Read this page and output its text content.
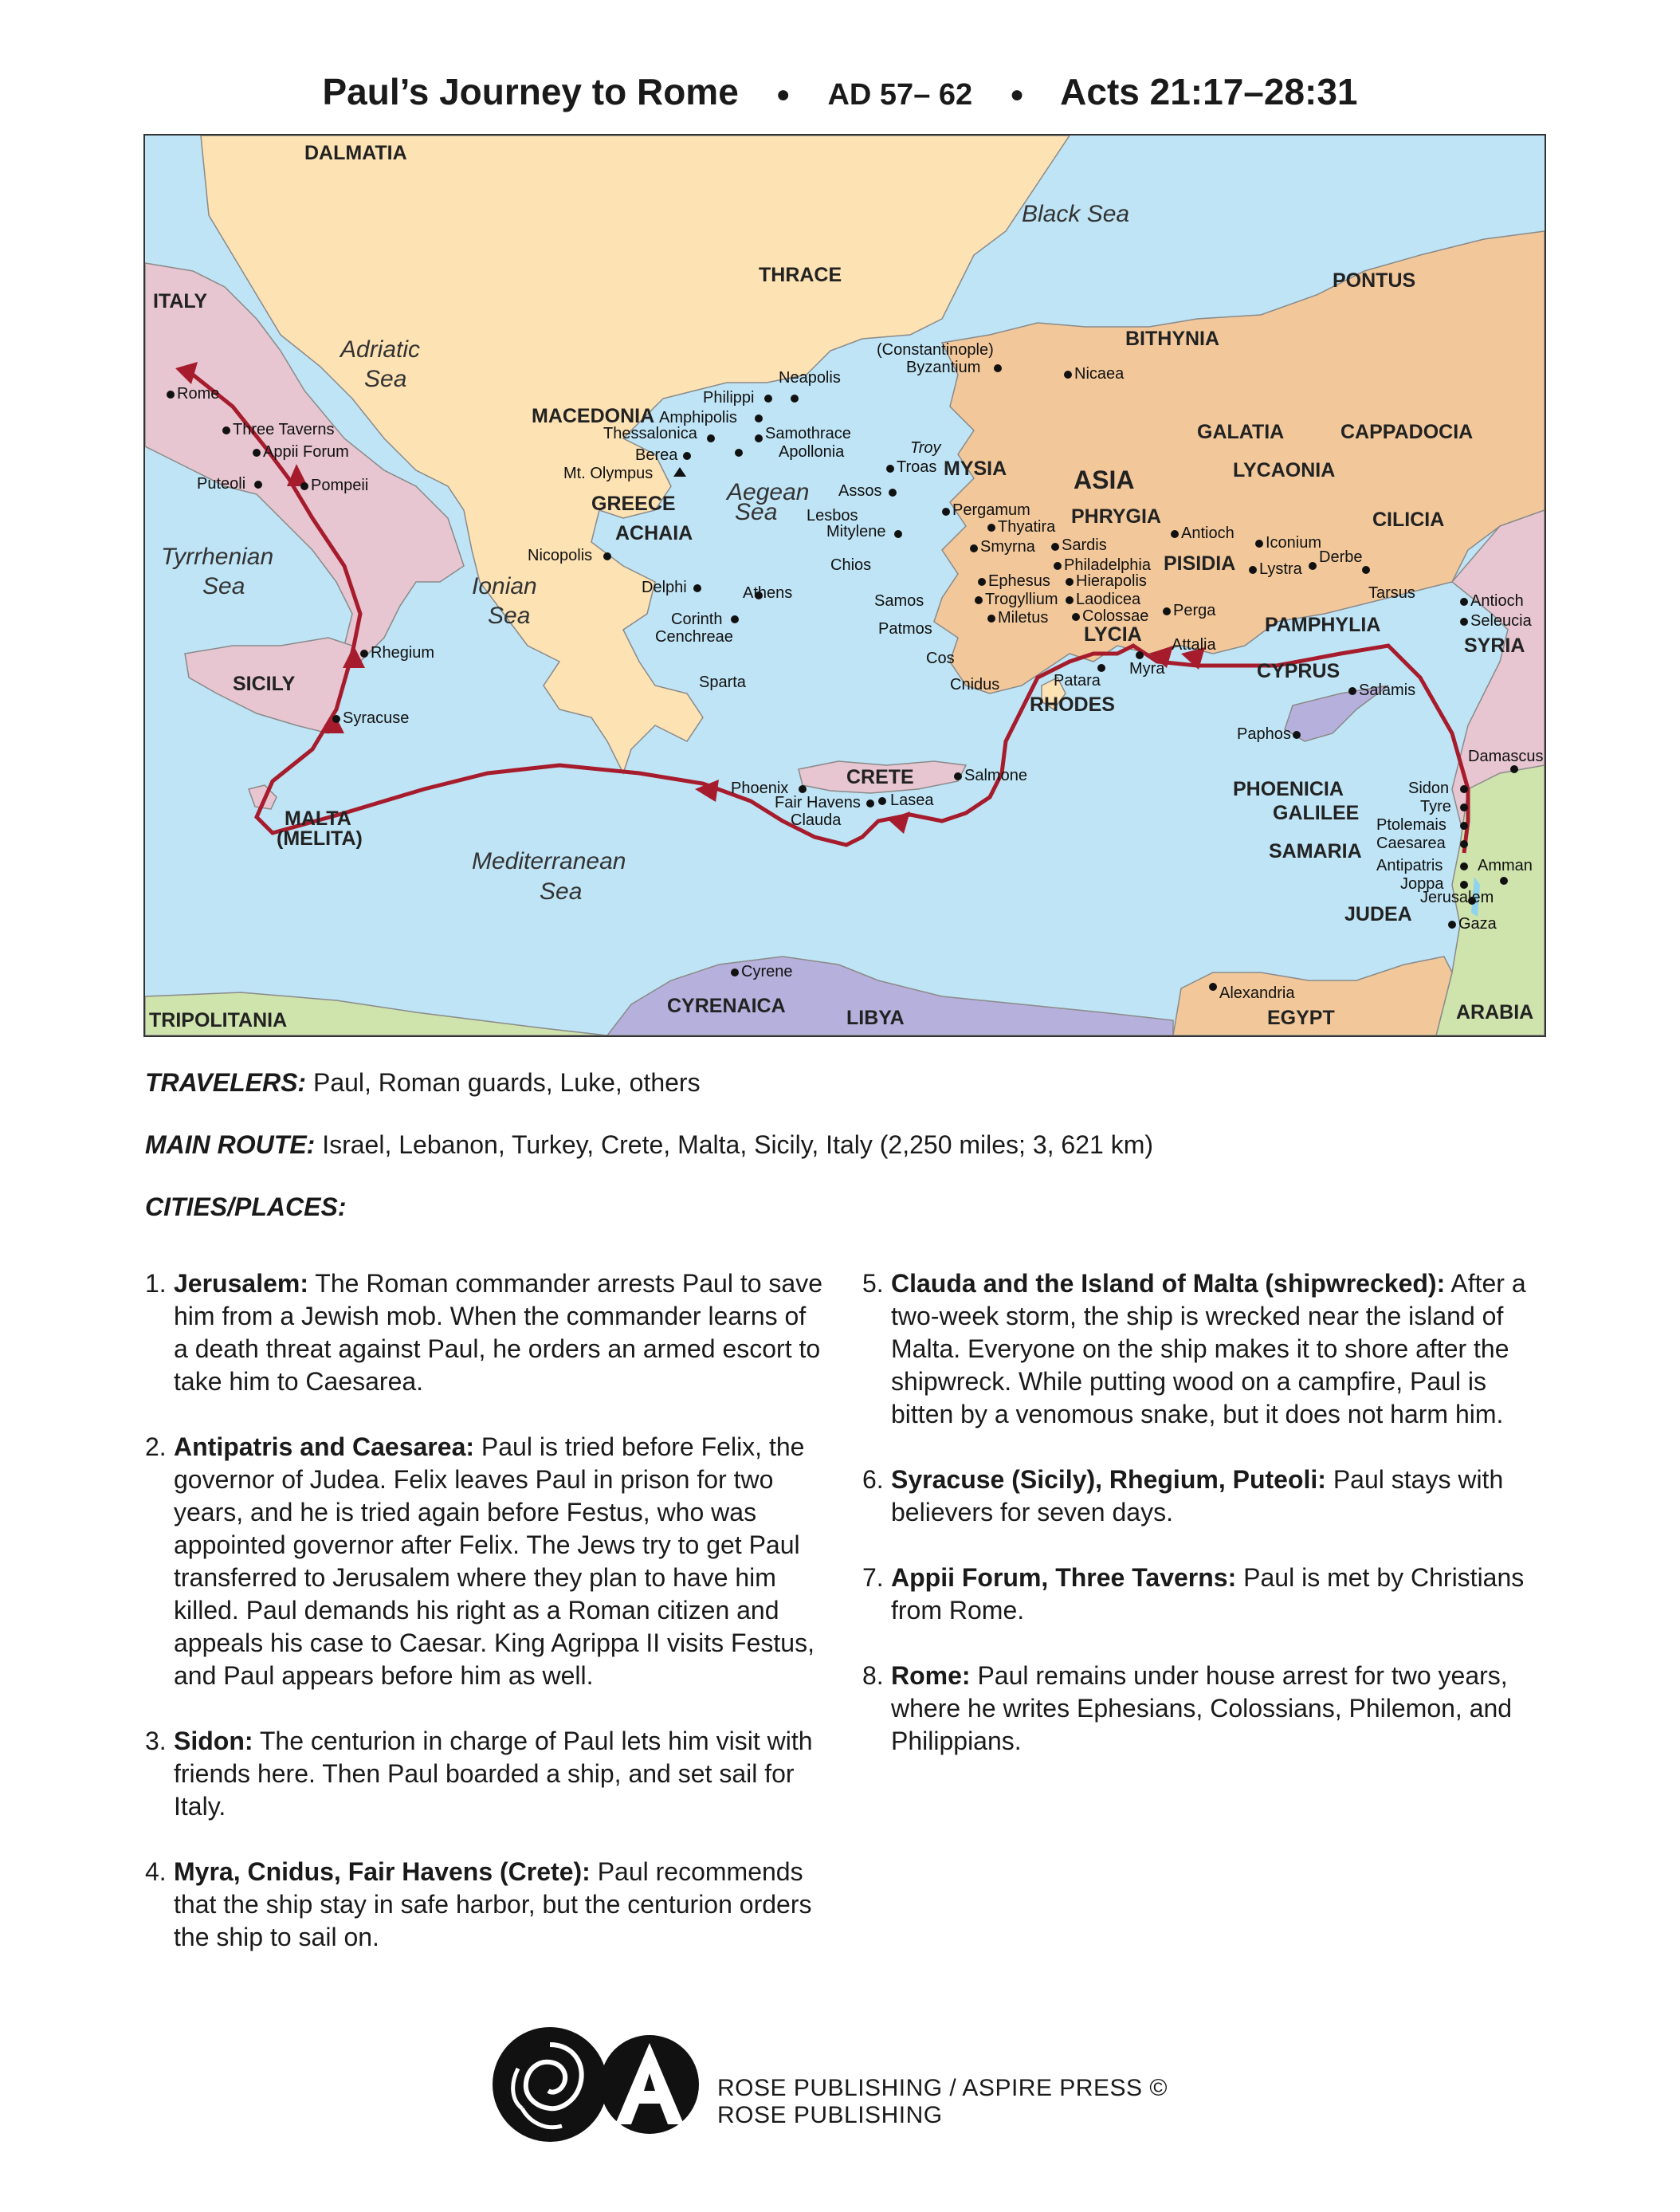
Paul’s Journey to Rome ● AD 57– 62 ● Acts 21:17–28:31
DALMATIA
ITALY
THRACE	PONTUS
BITHYNIA
MACEDONIA
GREECE
ACHAIA
MYSIA	ASIA
GALATIA	CAPPADOCIA
LYCAONIA
PHRYGIA
PISIDIA
CILICIA
PAMPHYLIA
LYCIA	SYRIA
CYPRUS
RHODES
CRETE
SICILY
MALTA
(MELITA)
PHOENICIA
GALILEE
SAMARIA
JUDEA
CYRENAICA
LIBYA	EGYPT	ARABIA
TRIPOLITANIA
Black Sea
Adriatic
Sea
Tyrrhenian
Sea	Ionian
Sea
Aegean
Sea
Mediterranean
Sea
Rome
Three Taverns
Appii Forum
Puteoli	Pompeii
Rhegium
Syracuse
Nicopolis
Delphi	Athens
Corinth
Cenchreae
Sparta
Philippi
Neapolis
Amphipolis
Thessalonica
Berea
Mt. Olympus
Samothrace
Apollonia
(Constantinople)
Byzantium	Nicaea
Troy
Troas
Assos
Lesbos
Mitylene
Pergamum
Thyatira
Smyrna Sardis
Chios	Philadelphia
Ephesus Hierapolis
Samos	Trogyllium Laodicea
Miletus Colossae
Patmos
Cos
Cnidus	Patara
Myra
Antioch
Iconium
Lystra
Derbe
Perga
Attalia
Tarsus	Antioch
Seleucia
Salamis
Paphos
Damascus
Sidon
Tyre
Ptolemais
Caesarea
Antipatris
Joppa
Jerusalem
Amman
Gaza
Alexandria
Cyrene
Phoenix
Fair Havens Lasea
Salmone
Clauda
TRAVELERS: Paul, Roman guards, Luke, others
MAIN ROUTE: Israel, Lebanon, Turkey, Crete, Malta, Sicily, Italy (2,250 miles; 3, 621 km)
CITIES/PLACES:
1. Jerusalem: The Roman commander arrests Paul to save him from a Jewish mob. When the commander learns of a death threat against Paul, he orders an armed escort to take him to Caesarea.
2. Antipatris and Caesarea: Paul is tried before Felix, the governor of Judea. Felix leaves Paul in prison for two years, and he is tried again before Festus, who was appointed governor after Felix. The Jews try to get Paul transferred to Jerusalem where they plan to have him killed. Paul demands his right as a Roman citizen and appeals his case to Caesar. King Agrippa II visits Festus, and Paul appears before him as well.
3. Sidon: The centurion in charge of Paul lets him visit with friends here. Then Paul boarded a ship, and set sail for Italy.
4. Myra, Cnidus, Fair Havens (Crete): Paul recommends that the ship stay in safe harbor, but the centurion orders the ship to sail on.
5. Clauda and the Island of Malta (shipwrecked): After a two-week storm, the ship is wrecked near the island of Malta. Everyone on the ship makes it to shore after the shipwreck. While putting wood on a campfire, Paul is bitten by a venomous snake, but it does not harm him.
6. Syracuse (Sicily), Rhegium, Puteoli: Paul stays with believers for seven days.
7. Appii Forum, Three Taverns: Paul is met by Christians from Rome.
8. Rome: Paul remains under house arrest for two years, where he writes Ephesians, Colossians, Philemon, and Philippians.
ROSE PUBLISHING / ASPIRE PRESS © ROSE PUBLISHING
